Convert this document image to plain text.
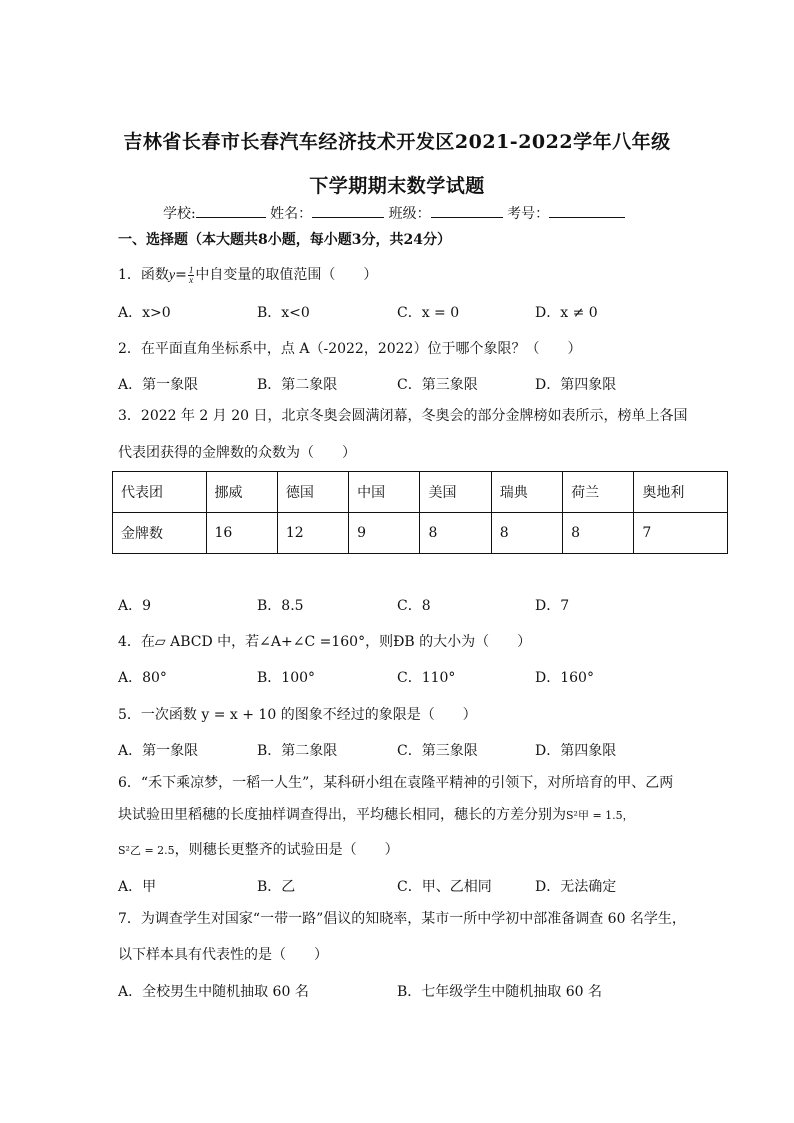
吉林省长春市长春汽车经济技术开发区2021-2022学年八年级
下学期期末数学试题
学校:	姓名：	班级：	考号：
一、选择题（本大题共8小题，每小题3分，共24分）
1．函数$y= \frac{1}{x}$ 中自变量的取值范围（　　）
A．x>0	B．x<0	C．x = 0	D．x ≠ 0
2．在平面直角坐标系中，点 A（-2022，2022）位于哪个象限？（　　）
A．第一象限	B．第二象限	C．第三象限	D．第四象限
3．2022 年 2 月 20 日，北京冬奥会圆满闭幕，冬奥会的部分金牌榜如表所示，榜单上各国
代表团获得的金牌数的众数为（　　）
代表团	挪威	德国	中国	美国	瑞典	荷兰	奥地利
金牌数	16	12	9	8	8	8	7
A．9	B．8.5	C．8	D．7
4．在▱ ABCD 中，若∠A+∠C =160°，则ÐB 的大小为（　　）
A．80°	B．100°	C．110°	D．160°
5．一次函数 y = x + 10 的图象不经过的象限是（　　）
A．第一象限	B．第二象限	C．第三象限	D．第四象限
6．“禾下乘凉梦，一稻一人生”，某科研小组在袁隆平精神的引领下，对所培育的甲、乙两
块试验田里稻穗的长度抽样调查得出，平均穗长相同，穗长的方差分别为S²甲 = 1.5，
S²乙 = 2.5，则穗长更整齐的试验田是（　　）
A．甲	B．乙	C．甲、乙相同	D．无法确定
7．为调查学生对国家“一带一路”倡议的知晓率，某市一所中学初中部准备调查 60 名学生，
以下样本具有代表性的是（　　）
A．全校男生中随机抽取 60 名	B．七年级学生中随机抽取 60 名
